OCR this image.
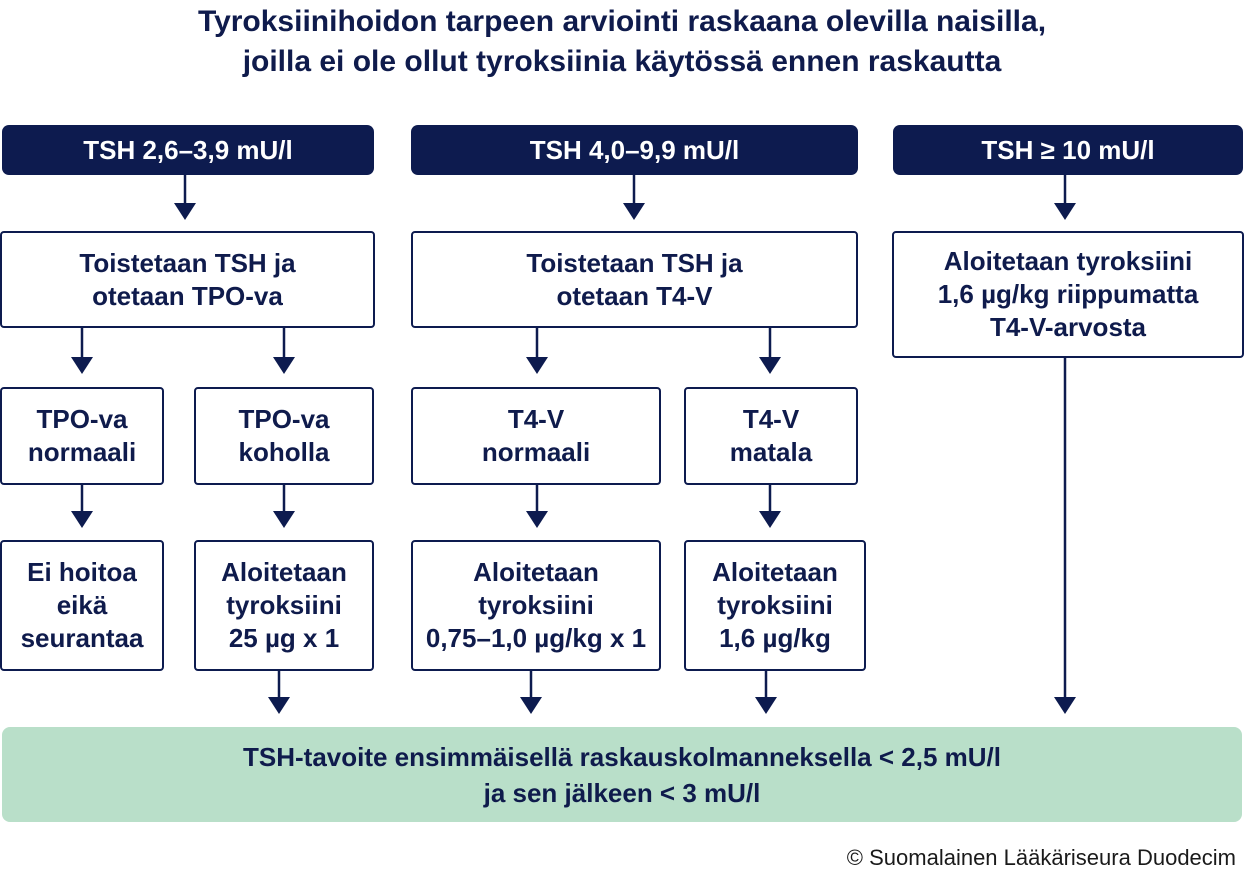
Tyroksiinihoidon tarpeen arviointi raskaana olevilla naisilla,
joilla ei ole ollut tyroksiinia käytössä ennen raskautta
TSH 2,6–3,9 mU/l	TSH 4,0–9,9 mU/l	TSH ≥ 10 mU/l
Toistetaan TSH ja
otetaan TPO-va
Toistetaan TSH ja
otetaan T4-V
Aloitetaan tyroksiini
1,6 µg/kg riippumatta
T4-V-arvosta
TPO-va
normaali
TPO-va
koholla
T4-V
normaali
T4-V
matala
Ei hoitoa
eikä
seurantaa
Aloitetaan
tyroksiini
25 µg x 1
Aloitetaan
tyroksiini
0,75–1,0 µg/kg x 1
Aloitetaan
tyroksiini
1,6 µg/kg
TSH-tavoite ensimmäisellä raskauskolmanneksella < 2,5 mU/l
ja sen jälkeen < 3 mU/l
© Suomalainen Lääkäriseura Duodecim
